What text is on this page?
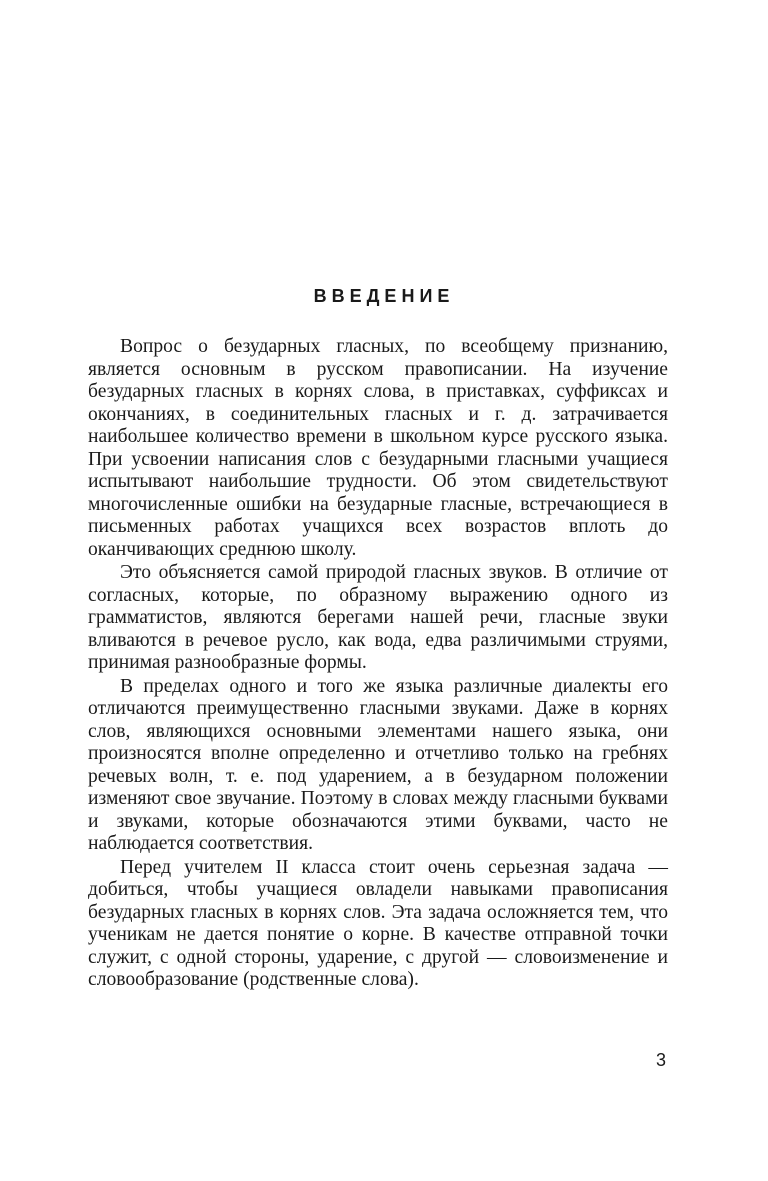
ВВЕДЕНИЕ

Вопрос о безударных гласных, по всеобщему признанию, является основным в русском правописании. На изучение безударных гласных в корнях слова, в приставках, суффиксах и окончаниях, в соединительных гласных и г. д. затрачивается наибольшее количество времени в школьном курсе русского языка. При усвоении написания слов с безударными гласными учащиеся испытывают наибольшие трудности. Об этом свидетельствуют многочисленные ошибки на безударные гласные, встречающиеся в письменных работах учащихся всех возрастов вплоть до оканчивающих среднюю школу.

Это объясняется самой природой гласных звуков. В отличие от согласных, которые, по образному выражению одного из грамматистов, являются берегами нашей речи, гласные звуки вливаются в речевое русло, как вода, едва различимыми струями, принимая разнообразные формы.

В пределах одного и того же языка различные диалекты его отличаются преимущественно гласными звуками. Даже в корнях слов, являющихся основными элементами нашего языка, они произносятся вполне определенно и отчетливо только на гребнях речевых волн, т. е. под ударением, а в безударном положении изменяют свое звучание. Поэтому в словах между гласными буквами и звуками, которые обозначаются этими буквами, часто не наблюдается соответствия.

Перед учителем II класса стоит очень серьезная задача — добиться, чтобы учащиеся овладели навыками правописания безударных гласных в корнях слов. Эта задача осложняется тем, что ученикам не дается понятие о корне. В качестве отправной точки служит, с одной стороны, ударение, с другой — словоизменение и словообразование (родственные слова).

3
